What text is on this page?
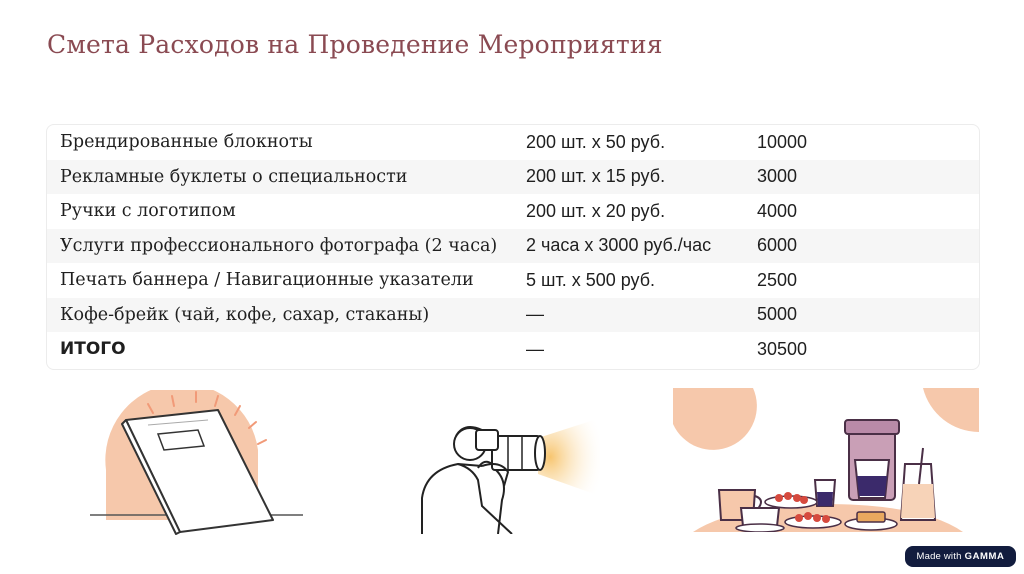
Смета Расходов на Проведение Мероприятия
Брендированные блокноты	200 шт. x 50 руб.	10000
Рекламные буклеты о специальности	200 шт. x 15 руб.	3000
Ручки с логотипом	200 шт. x 20 руб.	4000
Услуги профессионального фотографа (2 часа)	2 часа x 3000 руб./час	6000
Печать баннера / Навигационные указатели	5 шт. x 500 руб.	2500
Кофе-брейк (чай, кофе, сахар, стаканы)	—	5000
ИТОГО	—	30500
Made with GAMMA
